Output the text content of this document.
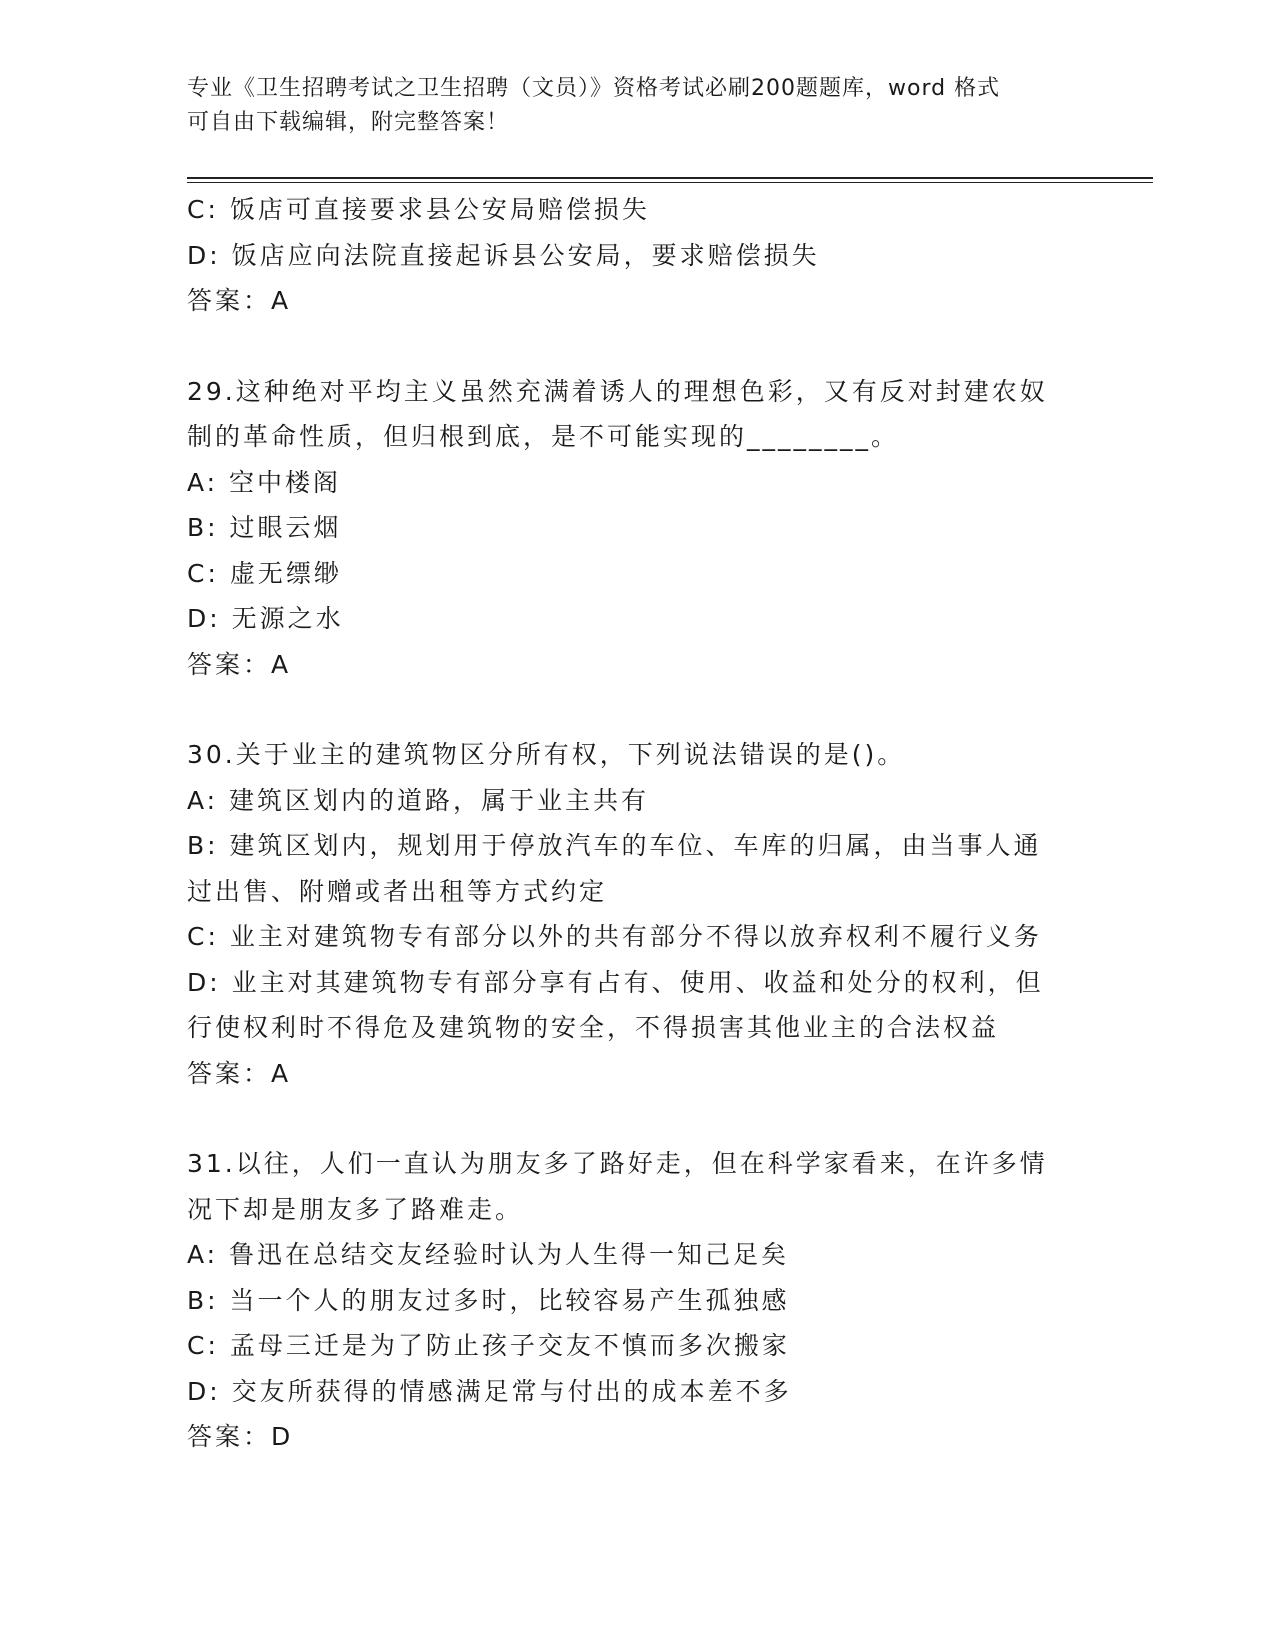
专业《卫生招聘考试之卫生招聘（文员）》资格考试必刷200题题库，word 格式
可自由下载编辑，附完整答案！
C: 饭店可直接要求县公安局赔偿损失
D: 饭店应向法院直接起诉县公安局，要求赔偿损失
答案：A
29.这种绝对平均主义虽然充满着诱人的理想色彩，又有反对封建农奴
制的革命性质，但归根到底，是不可能实现的________。
A: 空中楼阁
B: 过眼云烟
C: 虚无缥缈
D: 无源之水
答案：A
30.关于业主的建筑物区分所有权，下列说法错误的是()。
A: 建筑区划内的道路，属于业主共有
B: 建筑区划内，规划用于停放汽车的车位、车库的归属，由当事人通
过出售、附赠或者出租等方式约定
C: 业主对建筑物专有部分以外的共有部分不得以放弃权利不履行义务
D: 业主对其建筑物专有部分享有占有、使用、收益和处分的权利，但
行使权利时不得危及建筑物的安全，不得损害其他业主的合法权益
答案：A
31.以往，人们一直认为朋友多了路好走，但在科学家看来，在许多情
况下却是朋友多了路难走。
A: 鲁迅在总结交友经验时认为人生得一知己足矣
B: 当一个人的朋友过多时，比较容易产生孤独感
C: 孟母三迁是为了防止孩子交友不慎而多次搬家
D: 交友所获得的情感满足常与付出的成本差不多
答案：D
